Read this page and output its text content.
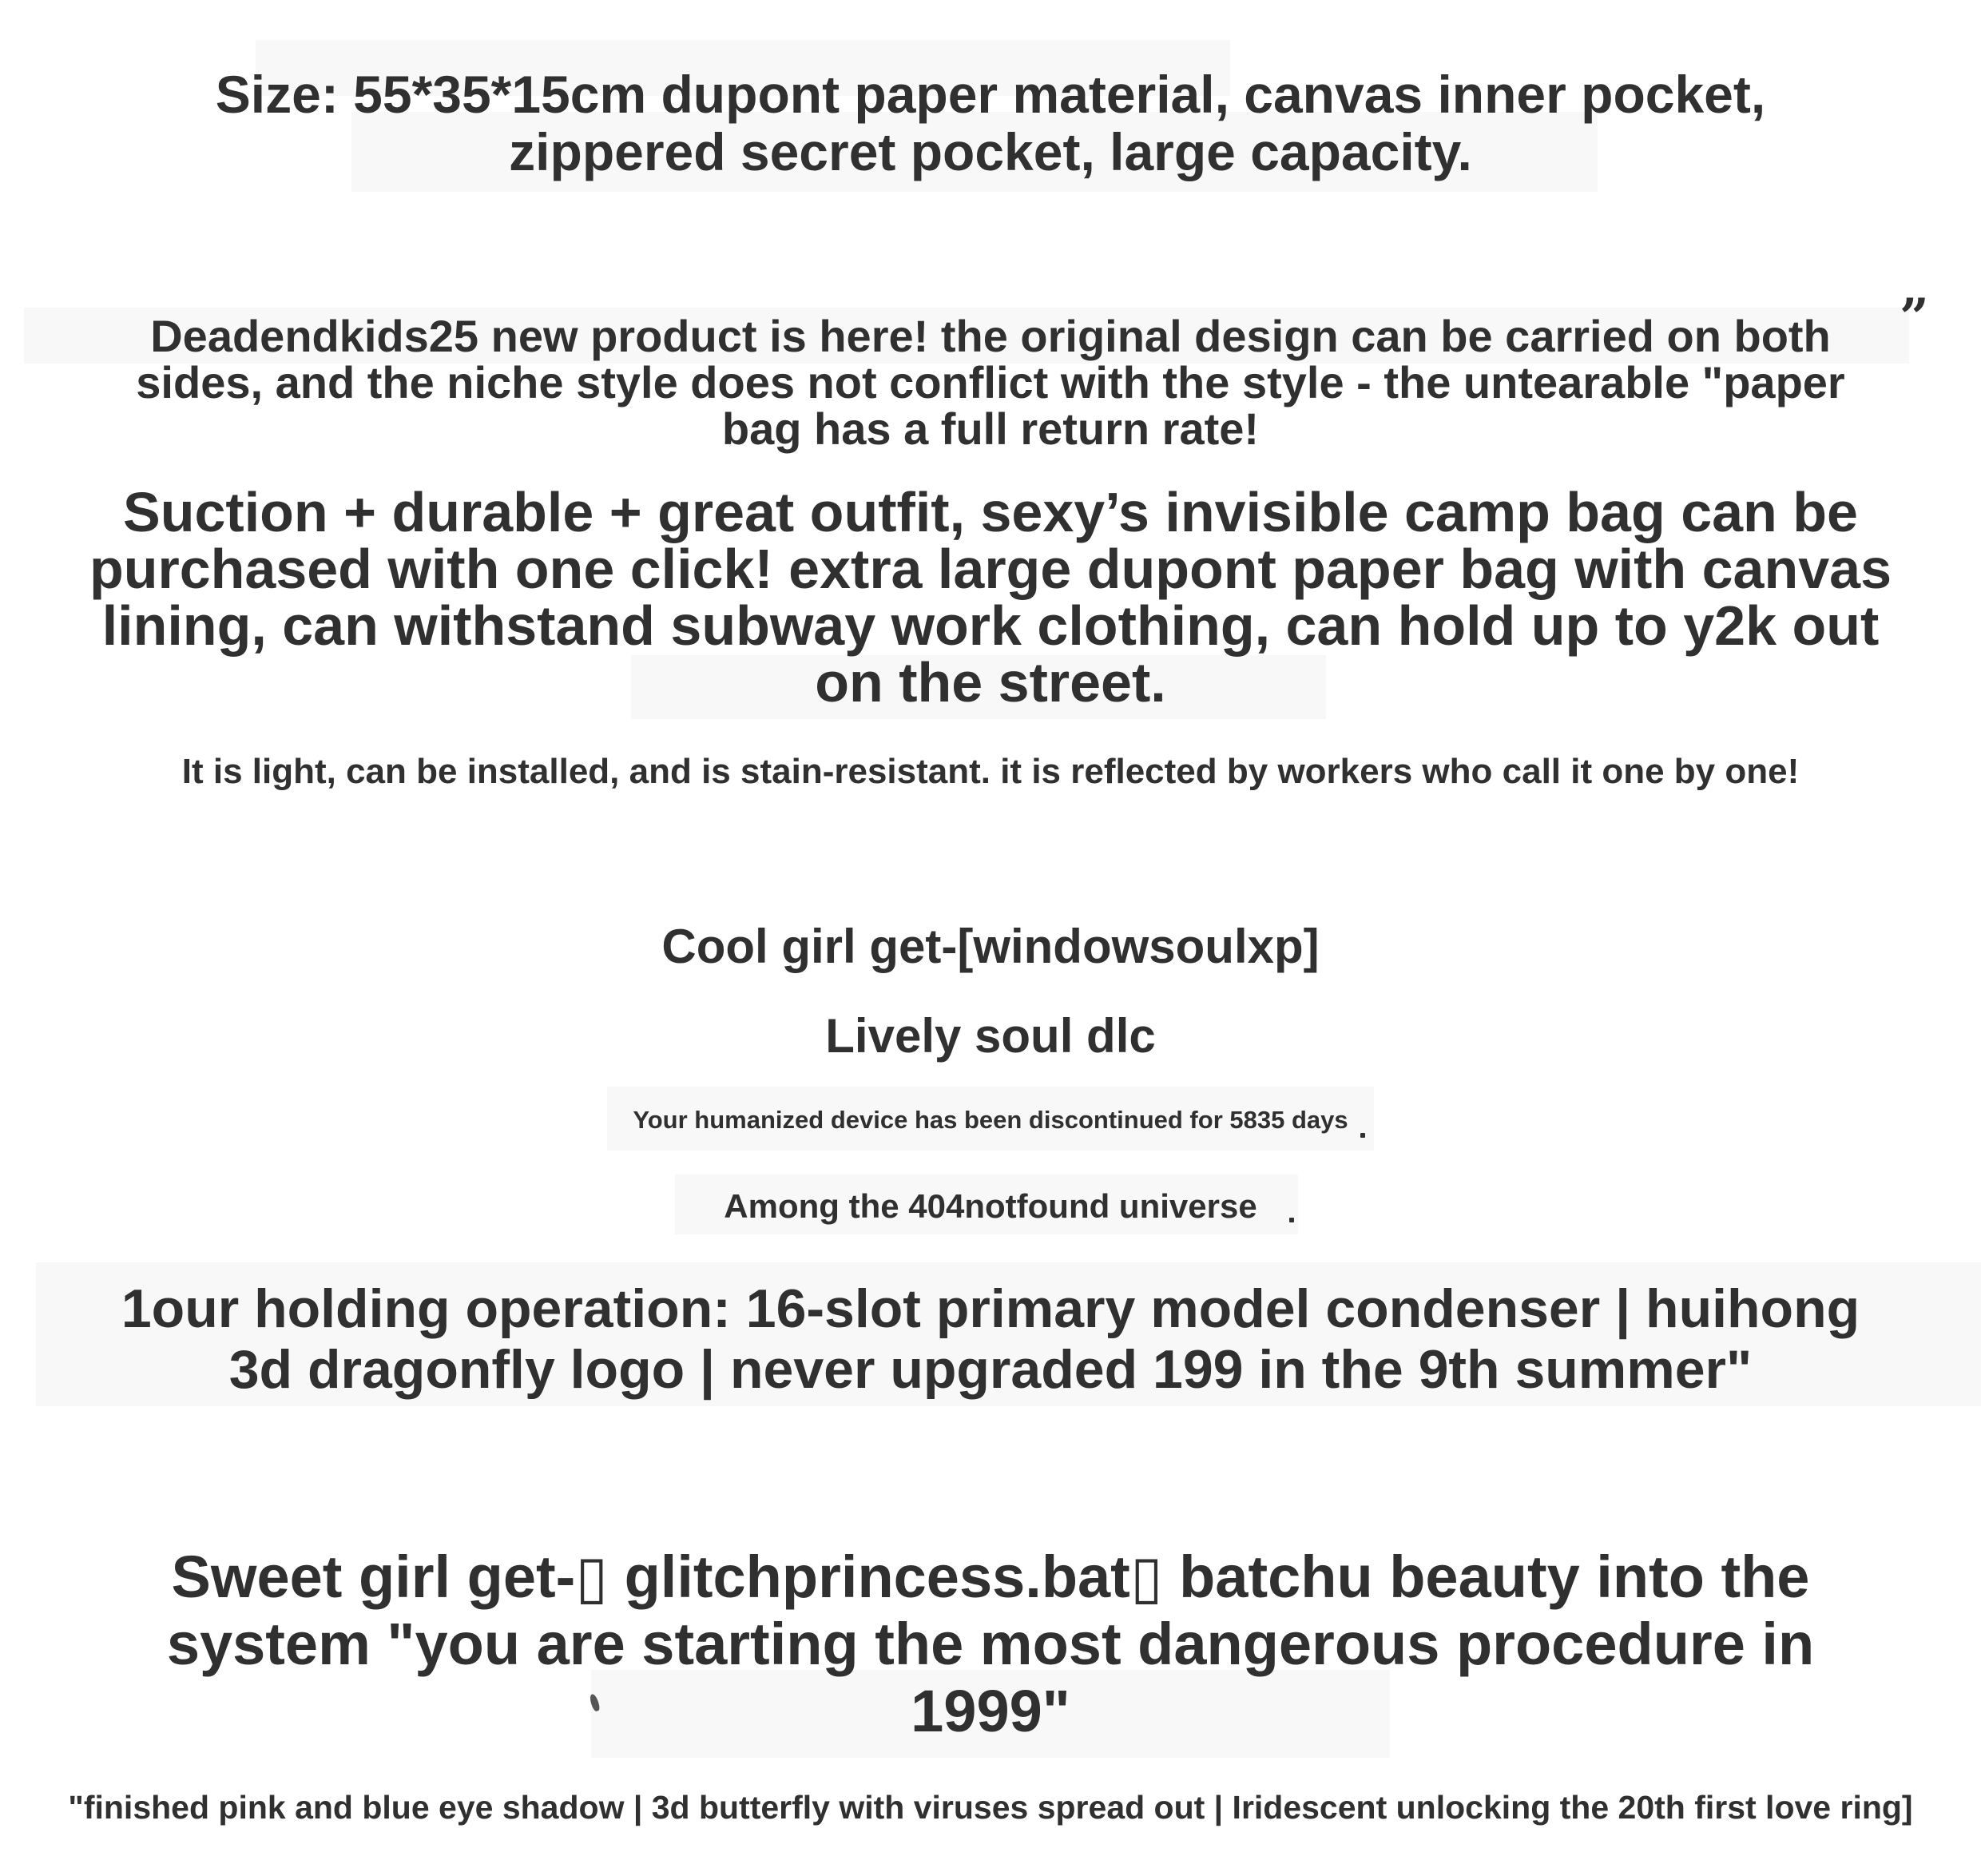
Size: 55*35*15cm dupont paper material, canvas inner pocket,
zippered secret pocket, large capacity.
Deadendkids25 new product is here! the original design can be carried on both
sides, and the niche style does not conflict with the style - the untearable "paper
bag has a full return rate!
”
Suction + durable + great outfit, sexy’s invisible camp bag can be
purchased with one click! extra large dupont paper bag with canvas
lining, can withstand subway work clothing, can hold up to y2k out
on the street.
It is light, can be installed, and is stain-resistant. it is reflected by workers who call it one by one!
Cool girl get-[windowsoulxp]
Lively soul dlc
Your humanized device has been discontinued for 5835 days
Among the 404notfound universe
1our holding operation: 16-slot primary model condenser | huihong
3d dragonfly logo | never upgraded 199 in the 9th summer"
Sweet girl get-▯ glitchprincess.bat▯ batchu beauty into the
system "you are starting the most dangerous procedure in
1999"
"finished pink and blue eye shadow | 3d butterfly with viruses spread out | Iridescent unlocking the 20th first love ring]
